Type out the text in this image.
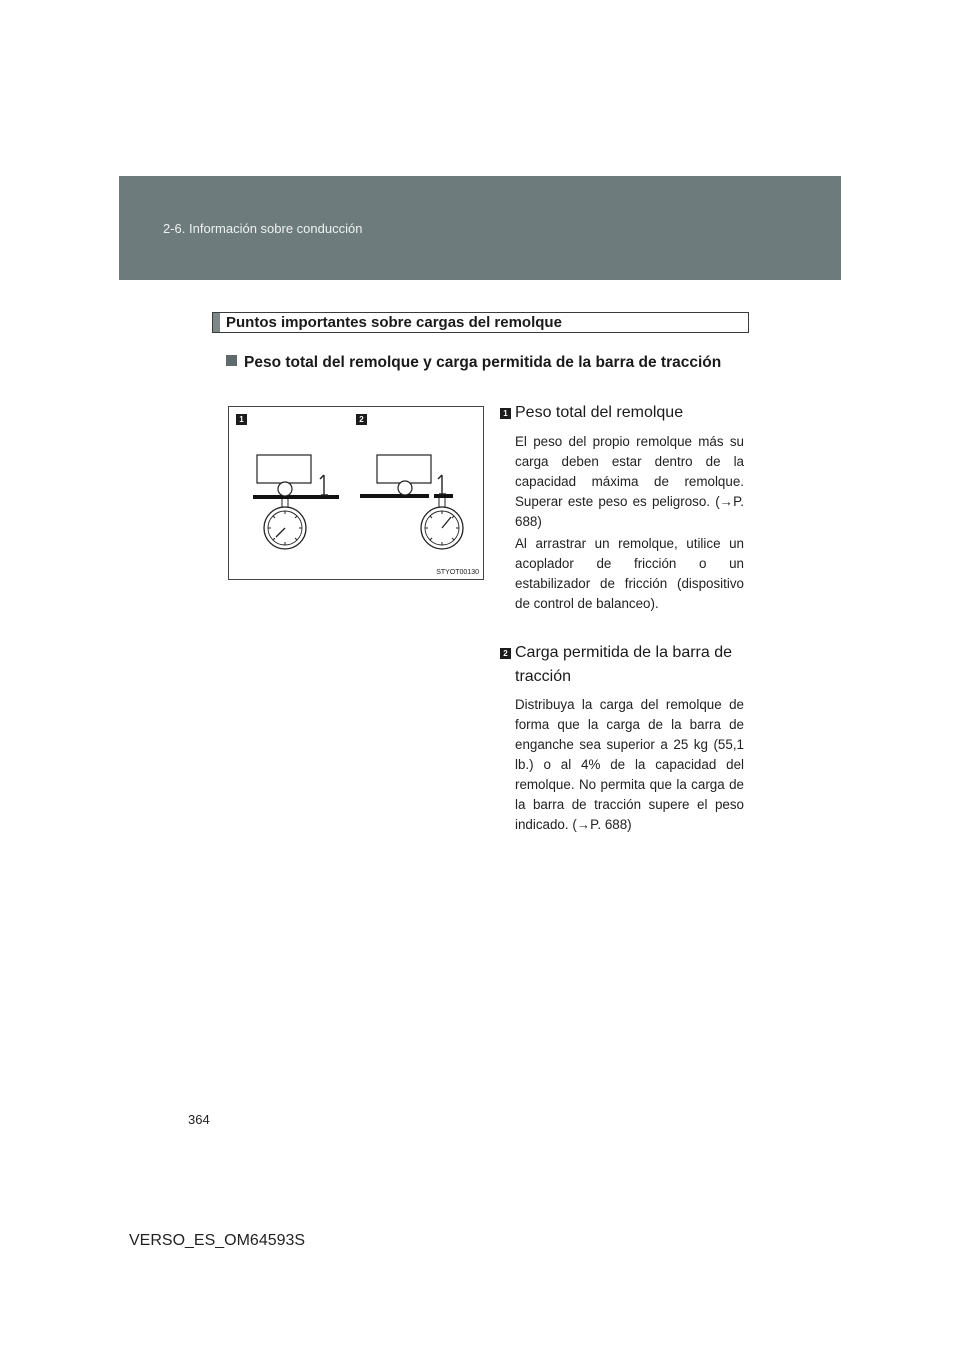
2-6. Información sobre conducción
Puntos importantes sobre cargas del remolque
Peso total del remolque y carga permitida de la barra de tracción
1	2
STYOT00130
1 Peso total del remolque
El peso del propio remolque más su carga deben estar dentro de la capacidad máxima de remolque. Superar este peso es peligroso. (→P. 688)
Al arrastrar un remolque, utilice un acoplador de fricción o un estabilizador de fricción (dispositivo de control de balanceo).
2 Carga permitida de la barra de tracción
Distribuya la carga del remolque de forma que la carga de la barra de enganche sea superior a 25 kg (55,1 lb.) o al 4% de la capacidad del remolque. No permita que la carga de la barra de tracción supere el peso indicado. (→P. 688)
364
VERSO_ES_OM64593S
